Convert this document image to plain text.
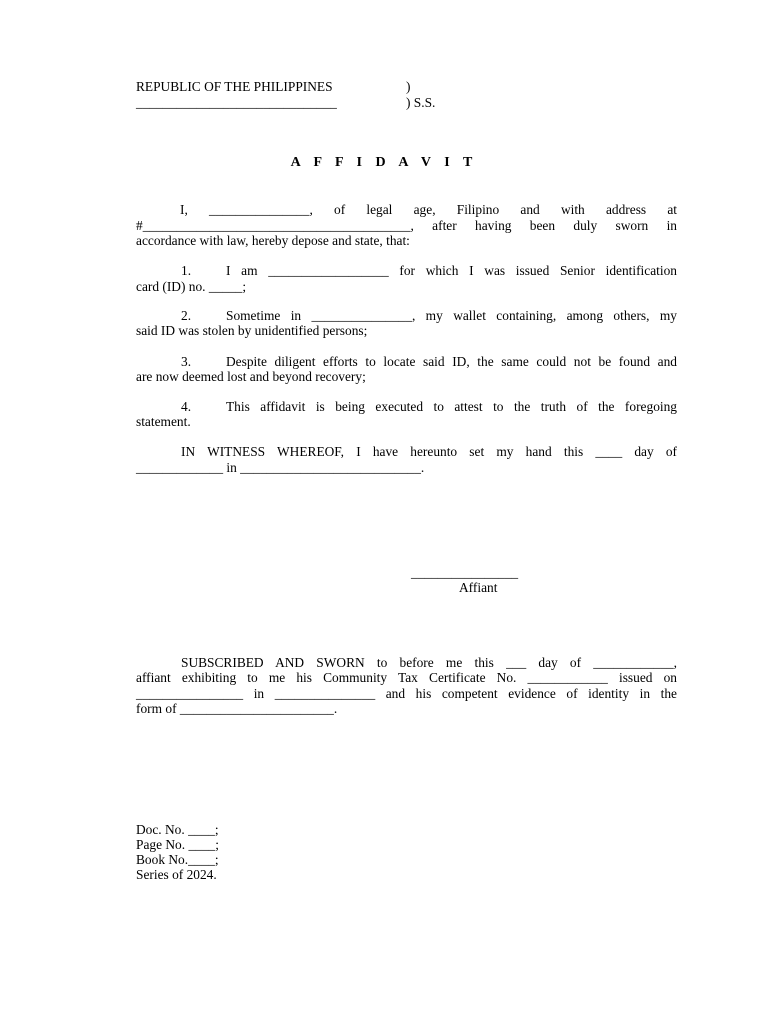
REPUBLIC OF THE PHILIPPINES	)
______________________________	) S.S.
A F F I D A V I T
I, _______________, of legal age, Filipino and with address at
#________________________________________, after having been duly sworn in
accordance with law, hereby depose and state, that:
1.	I am __________________ for which I was issued Senior identification
card (ID) no. _____;
2.	Sometime in _______________, my wallet containing, among others, my
said ID was stolen by unidentified persons;
3.	Despite diligent efforts to locate said ID, the same could not be found and
are now deemed lost and beyond recovery;
4.	This affidavit is being executed to attest to the truth of the foregoing
statement.
IN WITNESS WHEREOF, I have hereunto set my hand this ____ day of
_____________ in ___________________________.
________________
Affiant
SUBSCRIBED AND SWORN to before me this ___ day of ____________,
affiant exhibiting to me his Community Tax Certificate No. ____________ issued on
________________ in _______________ and his competent evidence of identity in the
form of _______________________.
Doc. No. ____;
Page No. ____;
Book No.____;
Series of 2024.
